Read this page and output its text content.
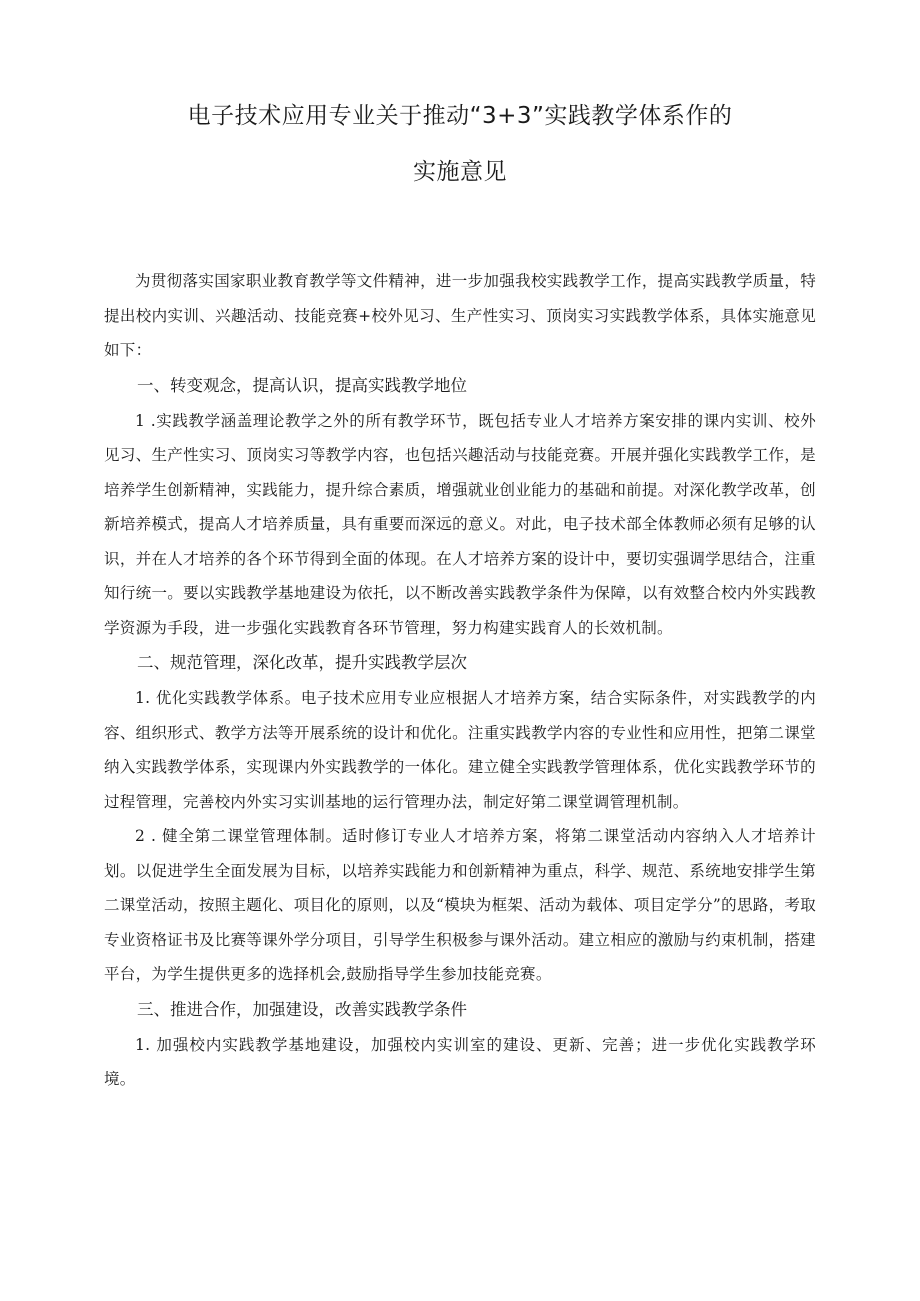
电子技术应用专业关于推动“3+3”实践教学体系作的
实施意见

为贯彻落实国家职业教育教学等文件精神，进一步加强我校实践教学工作，提高实践教学质量，特提出校内实训、兴趣活动、技能竞赛+校外见习、生产性实习、顶岗实习实践教学体系，具体实施意见如下：

一、转变观念，提高认识，提高实践教学地位

1 .实践教学涵盖理论教学之外的所有教学环节，既包括专业人才培养方案安排的课内实训、校外见习、生产性实习、顶岗实习等教学内容，也包括兴趣活动与技能竞赛。开展并强化实践教学工作，是培养学生创新精神，实践能力，提升综合素质，增强就业创业能力的基础和前提。对深化教学改革，创新培养模式，提高人才培养质量，具有重要而深远的意义。对此，电子技术部全体教师必须有足够的认识，并在人才培养的各个环节得到全面的体现。在人才培养方案的设计中，要切实强调学思结合，注重知行统一。要以实践教学基地建设为依托，以不断改善实践教学条件为保障，以有效整合校内外实践教学资源为手段，进一步强化实践教育各环节管理，努力构建实践育人的长效机制。

二、规范管理，深化改革，提升实践教学层次

1. 优化实践教学体系。电子技术应用专业应根据人才培养方案，结合实际条件，对实践教学的内容、组织形式、教学方法等开展系统的设计和优化。注重实践教学内容的专业性和应用性，把第二课堂纳入实践教学体系，实现课内外实践教学的一体化。建立健全实践教学管理体系，优化实践教学环节的过程管理，完善校内外实习实训基地的运行管理办法，制定好第二课堂调管理机制。

2 . 健全第二课堂管理体制。适时修订专业人才培养方案，将第二课堂活动内容纳入人才培养计划。以促进学生全面发展为目标，以培养实践能力和创新精神为重点，科学、规范、系统地安排学生第二课堂活动，按照主题化、项目化的原则，以及“模块为框架、活动为载体、项目定学分”的思路，考取专业资格证书及比赛等课外学分项目，引导学生积极参与课外活动。建立相应的激励与约束机制，搭建平台，为学生提供更多的选择机会,鼓励指导学生参加技能竞赛。

三、推进合作，加强建设，改善实践教学条件

1. 加强校内实践教学基地建设，加强校内实训室的建设、更新、完善；进一步优化实践教学环境。
